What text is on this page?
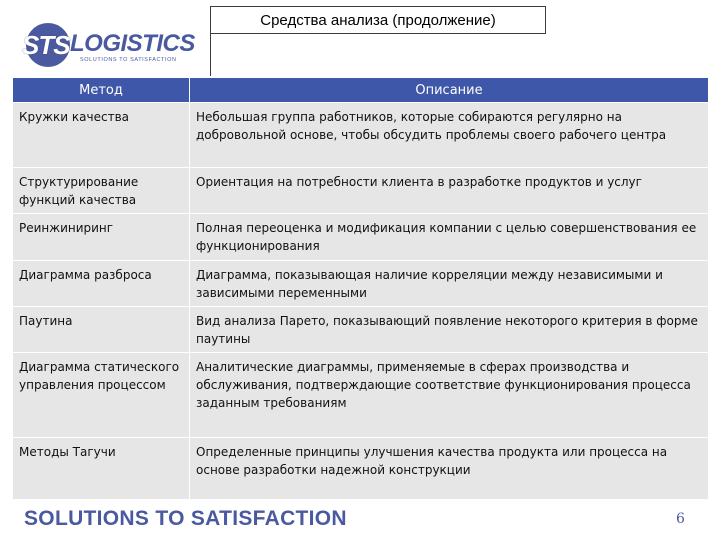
STS LOGISTICS
SOLUTIONS TO SATISFACTION
Средства анализа (продолжение)
Метод	Описание
Кружки качества	Небольшая группа работников, которые собираются регулярно на добровольной основе, чтобы обсудить проблемы своего рабочего центра
Структурирование функций качества	Ориентация на потребности клиента в разработке продуктов и услуг
Реинжиниринг	Полная переоценка и модификация компании с целью совершенствования ее функционирования
Диаграмма разброса	Диаграмма, показывающая наличие корреляции между независимыми и зависимыми переменными
Паутина	Вид анализа Парето, показывающий появление некоторого критерия в форме паутины
Диаграмма статического управления процессом	Аналитические диаграммы, применяемые в сферах производства и обслуживания, подтверждающие соответствие функционирования процесса заданным требованиям
Методы Тагучи	Определенные принципы улучшения качества продукта или процесса на основе разработки надежной конструкции
SOLUTIONS TO SATISFACTION	6
